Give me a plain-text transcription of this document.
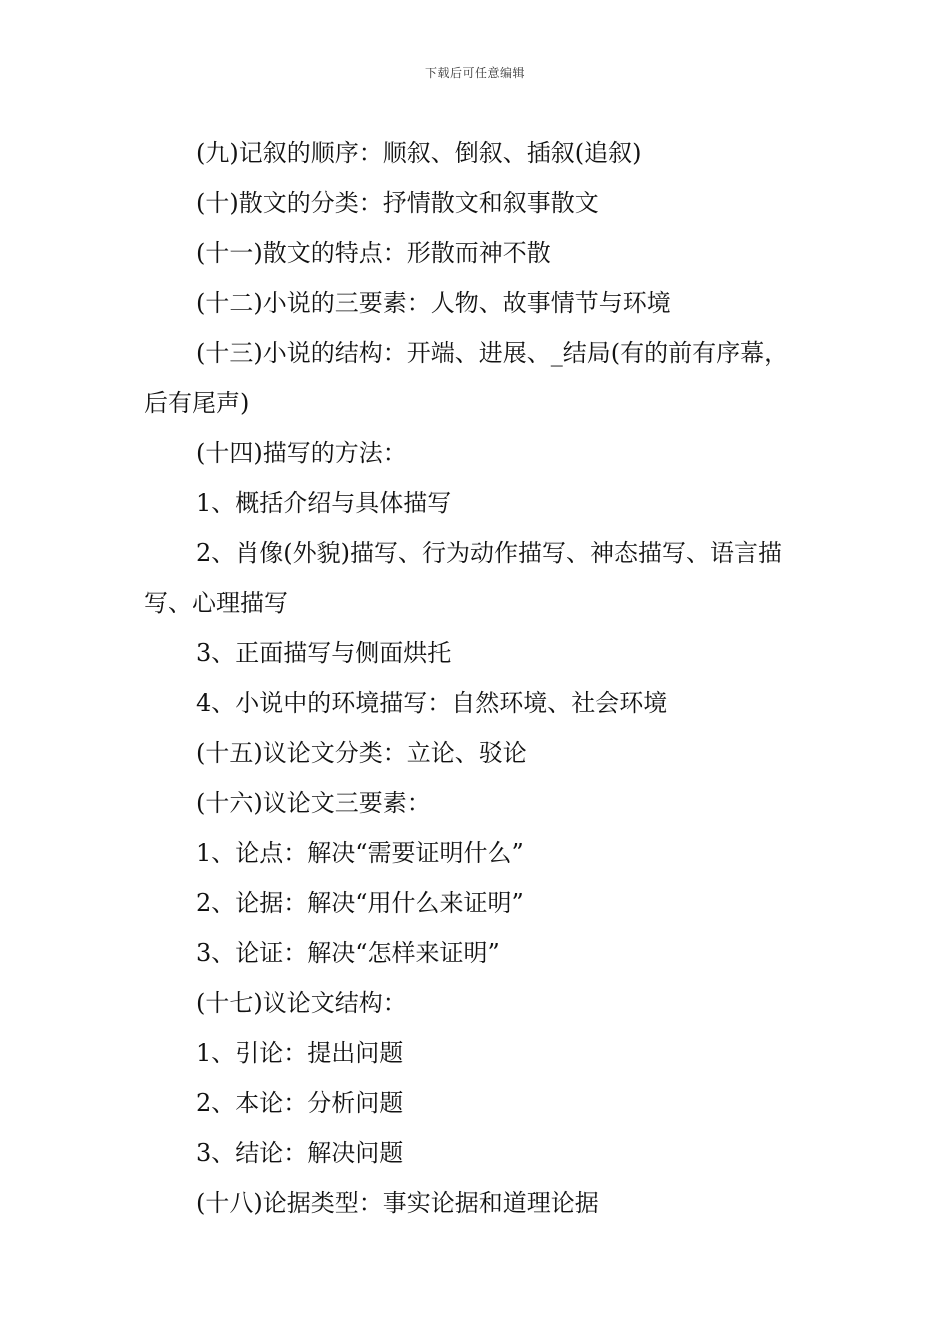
下载后可任意编辑

(九)记叙的顺序：顺叙、倒叙、插叙(追叙)

(十)散文的分类：抒情散文和叙事散文

(十一)散文的特点：形散而神不散

(十二)小说的三要素：人物、故事情节与环境

(十三)小说的结构：开端、进展、_结局(有的前有序幕，后有尾声)

(十四)描写的方法：

1、概括介绍与具体描写

2、肖像(外貌)描写、行为动作描写、神态描写、语言描写、心理描写

3、正面描写与侧面烘托

4、小说中的环境描写：自然环境、社会环境

(十五)议论文分类：立论、驳论

(十六)议论文三要素：

1、论点：解决“需要证明什么”

2、论据：解决“用什么来证明”

3、论证：解决“怎样来证明”

(十七)议论文结构：

1、引论：提出问题

2、本论：分析问题

3、结论：解决问题

(十八)论据类型：事实论据和道理论据
